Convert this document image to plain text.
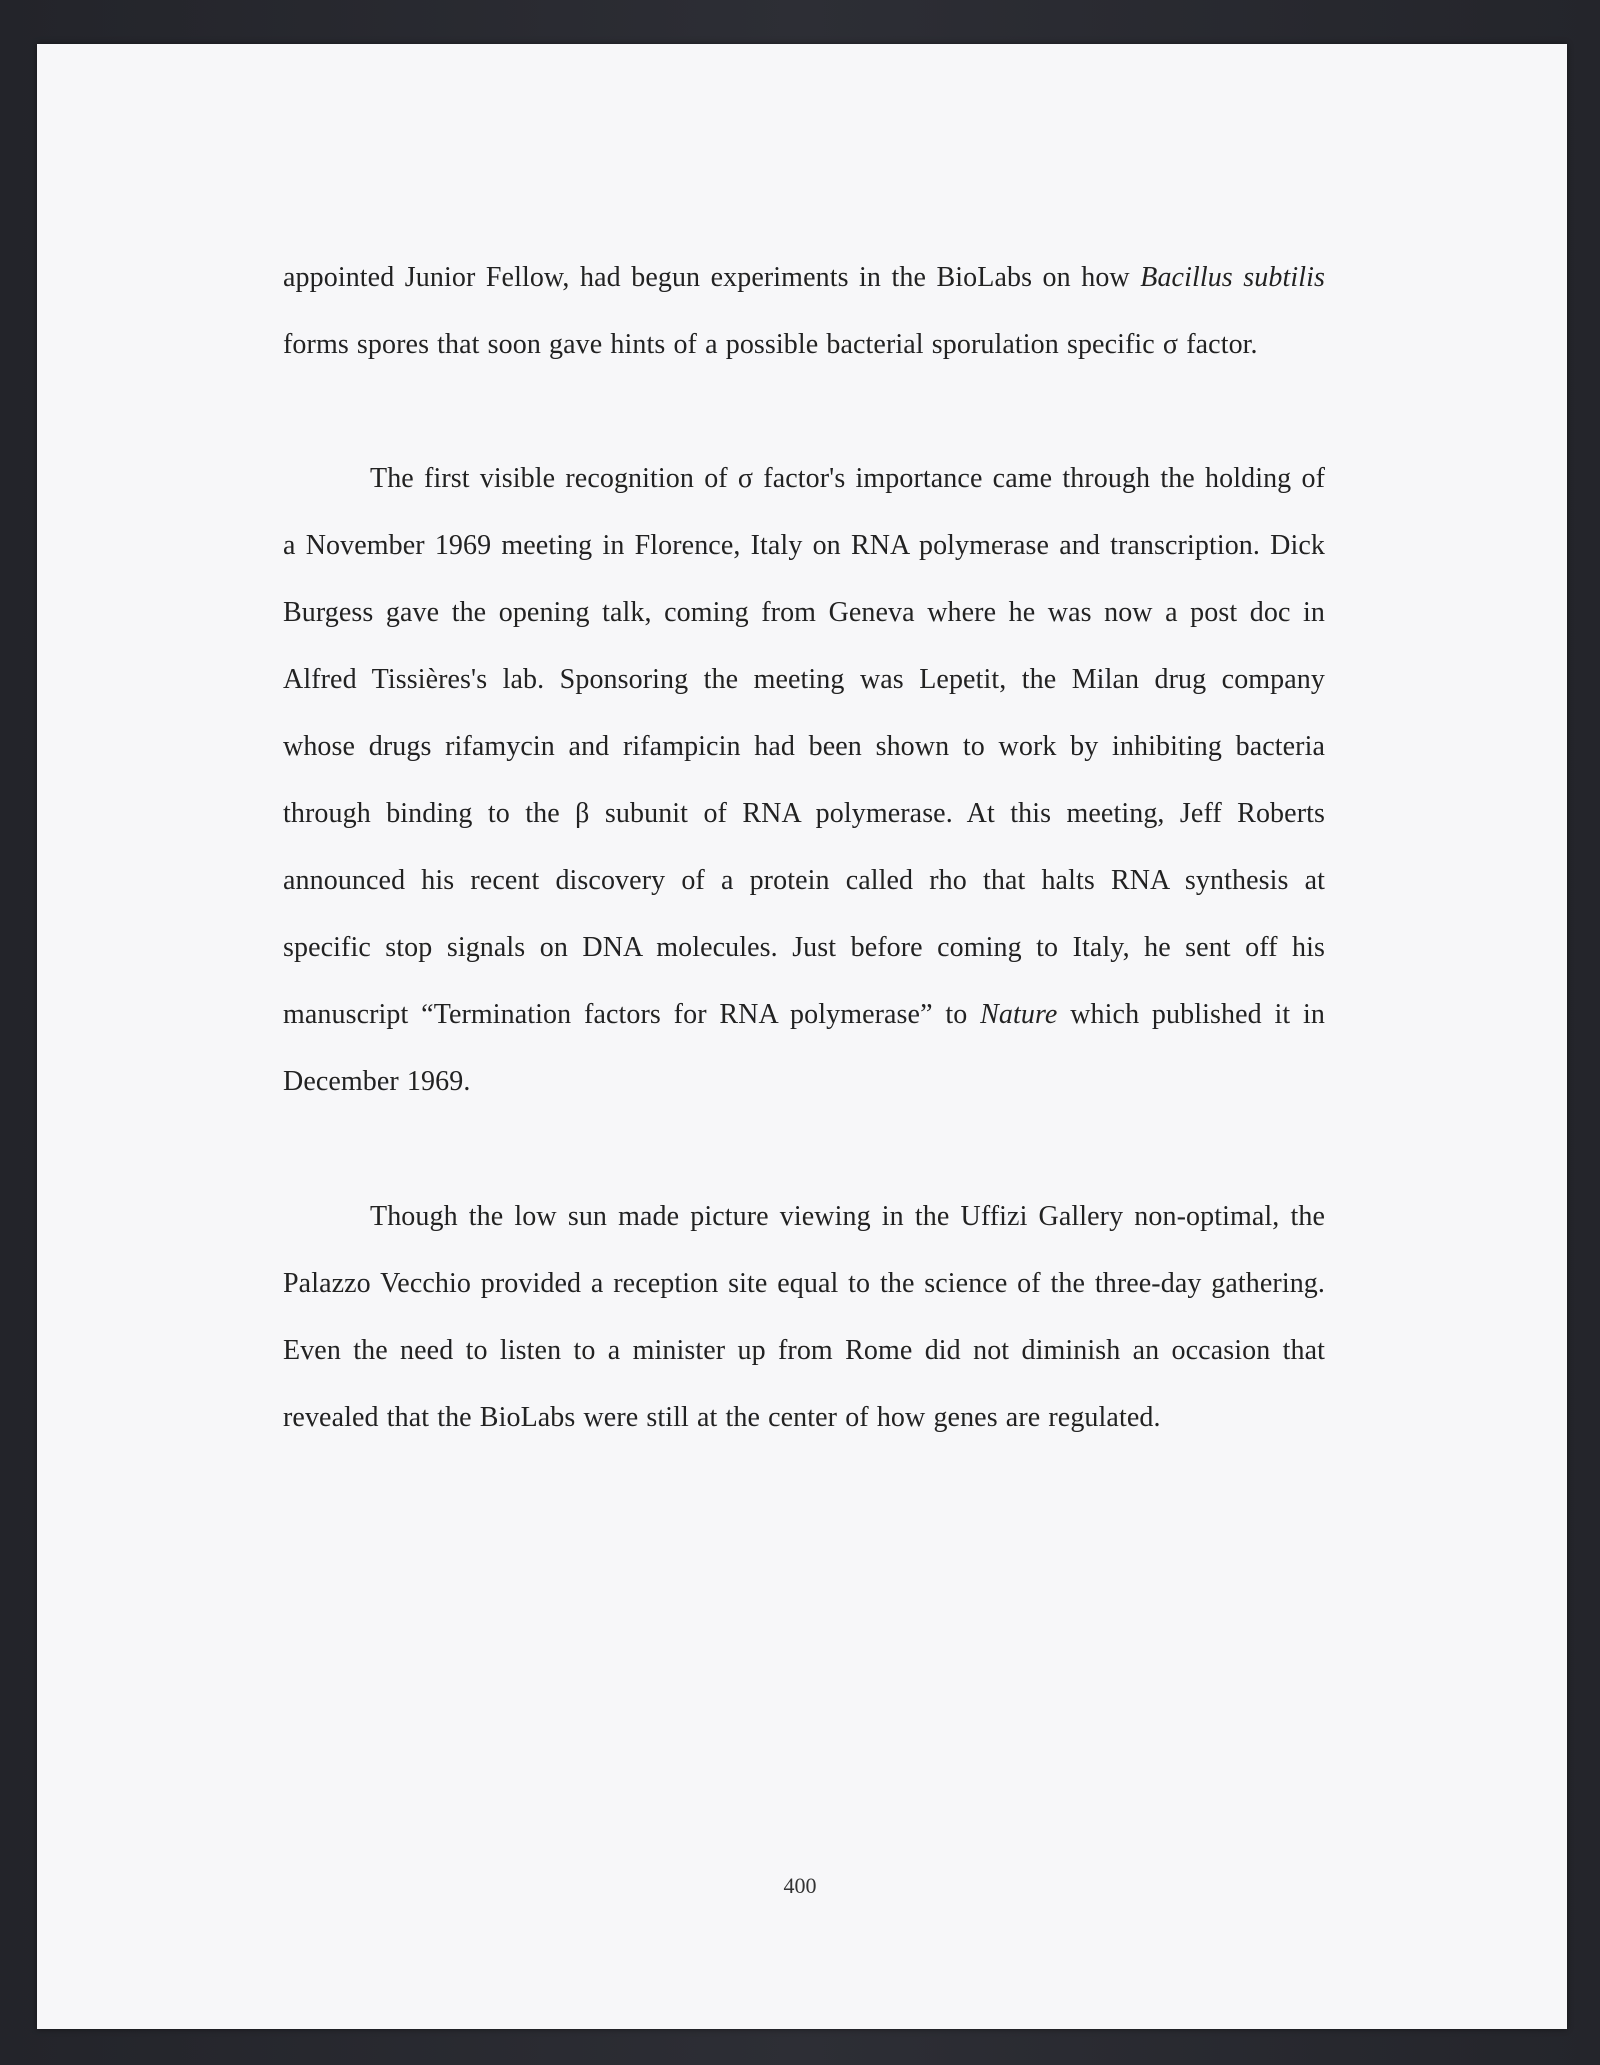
appointed Junior Fellow, had begun experiments in the BioLabs on how Bacillus subtilis
forms spores that soon gave hints of a possible bacterial sporulation specific σ factor.

The first visible recognition of σ factor's importance came through the holding of
a November 1969 meeting in Florence, Italy on RNA polymerase and transcription. Dick
Burgess gave the opening talk, coming from Geneva where he was now a post doc in
Alfred Tissières's lab. Sponsoring the meeting was Lepetit, the Milan drug company
whose drugs rifamycin and rifampicin had been shown to work by inhibiting bacteria
through binding to the β subunit of RNA polymerase. At this meeting, Jeff Roberts
announced his recent discovery of a protein called rho that halts RNA synthesis at
specific stop signals on DNA molecules. Just before coming to Italy, he sent off his
manuscript “Termination factors for RNA polymerase” to Nature which published it in
December 1969.

Though the low sun made picture viewing in the Uffizi Gallery non-optimal, the
Palazzo Vecchio provided a reception site equal to the science of the three-day gathering.
Even the need to listen to a minister up from Rome did not diminish an occasion that
revealed that the BioLabs were still at the center of how genes are regulated.

400
